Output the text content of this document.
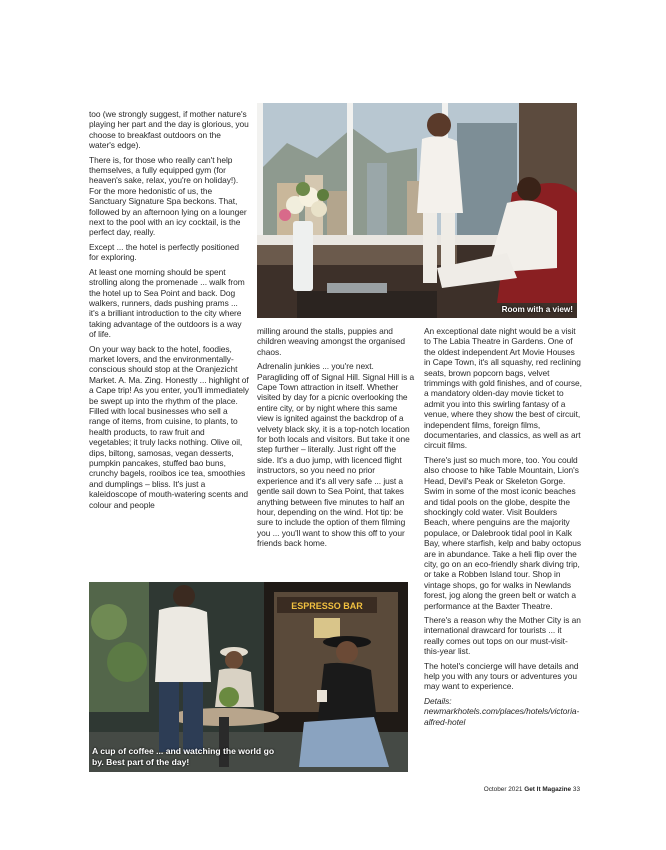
too (we strongly suggest, if mother nature's playing her part and the day is glorious, you choose to breakfast outdoors on the water's edge).

There is, for those who really can't help themselves, a fully equipped gym (for heaven's sake, relax, you're on holiday!). For the more hedonistic of us, the Sanctuary Signature Spa beckons. That, followed by an afternoon lying on a lounger next to the pool with an icy cocktail, is the perfect day, really.

Except ... the hotel is perfectly positioned for exploring.

At least one morning should be spent strolling along the promenade ... walk from the hotel up to Sea Point and back. Dog walkers, runners, dads pushing prams ... it's a brilliant introduction to the city where taking advantage of the outdoors is a way of life.

On your way back to the hotel, foodies, market lovers, and the environmentally-conscious should stop at the Oranjezicht Market. A. Ma. Zing. Honestly ... highlight of a Cape trip! As you enter, you'll immediately be swept up into the rhythm of the place. Filled with local businesses who sell a range of items, from cuisine, to plants, to health products, to raw fruit and vegetables; it truly lacks nothing. Olive oil, dips, biltong, samosas, vegan desserts, pumpkin pancakes, stuffed bao buns, crunchy bagels, rooibos ice tea, smoothies and dumplings – bliss. It's just a kaleidoscope of mouth-watering scents and colour and people

Room with a view!

milling around the stalls, puppies and children weaving amongst the organised chaos.

Adrenalin junkies ... you're next. Paragliding off of Signal Hill. Signal Hill is a Cape Town attraction in itself. Whether visited by day for a picnic overlooking the entire city, or by night where this same view is ignited against the backdrop of a velvety black sky, it is a top-notch location for both locals and visitors. But take it one step further – literally. Just right off the side. It's a duo jump, with licenced flight instructors, so you need no prior experience and it's all very safe ... just a gentle sail down to Sea Point, that takes anything between five minutes to half an hour, depending on the wind. Hot tip: be sure to include the option of them filming you ... you'll want to show this off to your friends back home.

An exceptional date night would be a visit to The Labia Theatre in Gardens. One of the oldest independent Art Movie Houses in Cape Town, it's all squashy, red reclining seats, brown popcorn bags, velvet trimmings with gold finishes, and of course, a mandatory olden-day movie ticket to admit you into this swirling fantasy of a venue, where they show the best of circuit, independent films, foreign films, documentaries, and classics, as well as art circuit films.

There's just so much more, too. You could also choose to hike Table Mountain, Lion's Head, Devil's Peak or Skeleton Gorge. Swim in some of the most iconic beaches and tidal pools on the globe, despite the shockingly cold water. Visit Boulders Beach, where penguins are the majority populace, or Dalebrook tidal pool in Kalk Bay, where starfish, kelp and baby octopus are in abundance. Take a heli flip over the city, go on an eco-friendly shark diving trip, or take a Robben Island tour. Shop in vintage shops, go for walks in Newlands forest, jog along the green belt or watch a performance at the Baxter Theatre.

There's a reason why the Mother City is an international drawcard for tourists ... it really comes out tops on our must-visit-this-year list.

The hotel's concierge will have details and help you with any tours or adventures you may want to experience.

Details: newmarkhotels.com/places/hotels/victoria-alfred-hotel

ESPRESSO BAR
A cup of coffee ... and watching the world go by. Best part of the day!
October 2021 Get It Magazine 33
